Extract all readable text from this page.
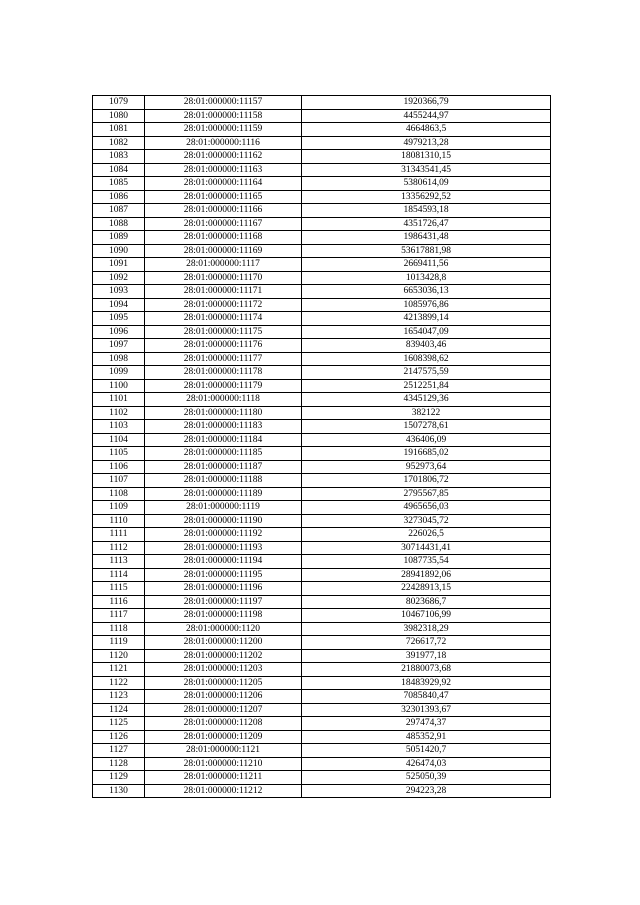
1079	28:01:000000:11157	1920366,79
1080	28:01:000000:11158	4455244,97
1081	28:01:000000:11159	4664863,5
1082	28:01:000000:1116	4979213,28
1083	28:01:000000:11162	18081310,15
1084	28:01:000000:11163	31343541,45
1085	28:01:000000:11164	5380614,09
1086	28:01:000000:11165	13356292,52
1087	28:01:000000:11166	1854593,18
1088	28:01:000000:11167	4351726,47
1089	28:01:000000:11168	1986431,48
1090	28:01:000000:11169	53617881,98
1091	28:01:000000:1117	2669411,56
1092	28:01:000000:11170	1013428,8
1093	28:01:000000:11171	6653036,13
1094	28:01:000000:11172	1085976,86
1095	28:01:000000:11174	4213899,14
1096	28:01:000000:11175	1654047,09
1097	28:01:000000:11176	839403,46
1098	28:01:000000:11177	1608398,62
1099	28:01:000000:11178	2147575,59
1100	28:01:000000:11179	2512251,84
1101	28:01:000000:1118	4345129,36
1102	28:01:000000:11180	382122
1103	28:01:000000:11183	1507278,61
1104	28:01:000000:11184	436406,09
1105	28:01:000000:11185	1916685,02
1106	28:01:000000:11187	952973,64
1107	28:01:000000:11188	1701806,72
1108	28:01:000000:11189	2795567,85
1109	28:01:000000:1119	4965656,03
1110	28:01:000000:11190	3273045,72
1111	28:01:000000:11192	226026,5
1112	28:01:000000:11193	30714431,41
1113	28:01:000000:11194	1087735,54
1114	28:01:000000:11195	28941892,06
1115	28:01:000000:11196	22428913,15
1116	28:01:000000:11197	8023686,7
1117	28:01:000000:11198	10467106,99
1118	28:01:000000:1120	3982318,29
1119	28:01:000000:11200	726617,72
1120	28:01:000000:11202	391977,18
1121	28:01:000000:11203	21880073,68
1122	28:01:000000:11205	18483929,92
1123	28:01:000000:11206	7085840,47
1124	28:01:000000:11207	32301393,67
1125	28:01:000000:11208	297474,37
1126	28:01:000000:11209	485352,91
1127	28:01:000000:1121	5051420,7
1128	28:01:000000:11210	426474,03
1129	28:01:000000:11211	525050,39
1130	28:01:000000:11212	294223,28
